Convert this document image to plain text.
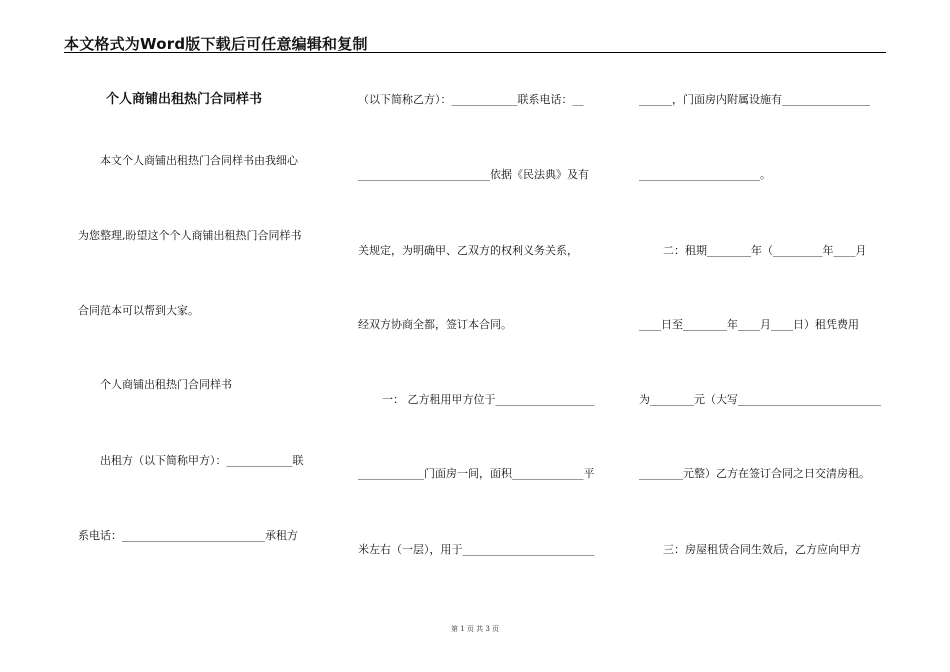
本文格式为Word版下载后可任意编辑和复制
个人商铺出租热门合同样书
本文个人商铺出租热门合同样书由我细心
为您整理,盼望这个个人商铺出租热门合同样书
合同范本可以帮到大家。
个人商铺出租热门合同样书
出租方（以下简称甲方）：____________联
系电话：__________________________承租方
（以下简称乙方）：____________联系电话：__
________________________依据《民法典》及有
关规定，为明确甲、乙双方的权利义务关系，
经双方协商全都，签订本合同。
一： 乙方租用甲方位于__________________
____________门面房一间，面积_____________平
米左右（一层），用于________________________
______，门面房内附属设施有________________
______________________。
二：租期________年（_________年____月
____日至________年____月____日）租凭费用
为________元（大写__________________________
________元整）乙方在签订合同之日交清房租。
三：房屋租赁合同生效后，乙方应向甲方
第 1 页 共 3 页
